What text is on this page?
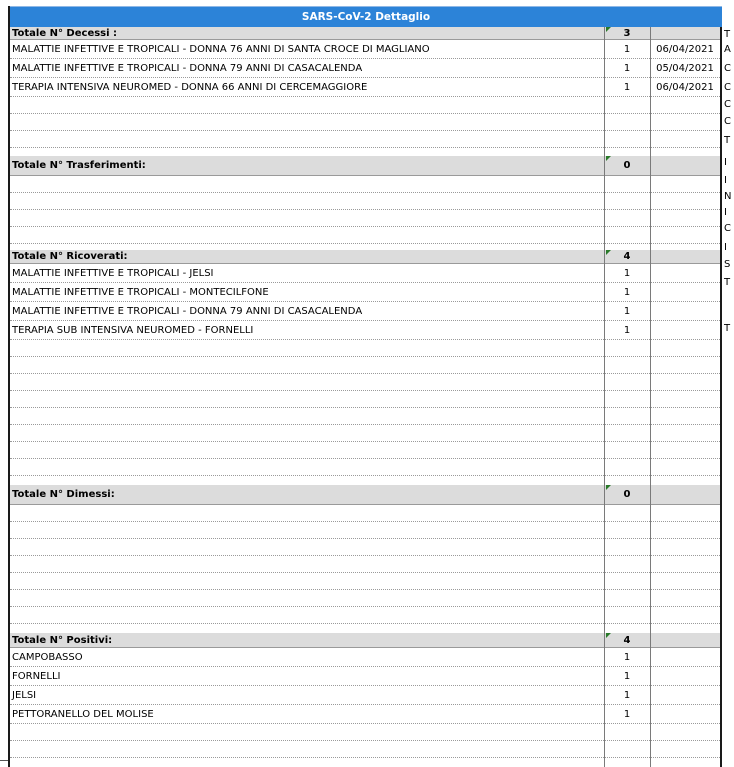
SARS-CoV-2 Dettaglio
Totale N° Decessi :	3
MALATTIE INFETTIVE E TROPICALI - DONNA 76 ANNI DI SANTA CROCE DI MAGLIANO	1	06/04/2021
MALATTIE INFETTIVE E TROPICALI - DONNA 79 ANNI DI CASACALENDA	1	05/04/2021
TERAPIA INTENSIVA NEUROMED - DONNA 66 ANNI DI CERCEMAGGIORE	1	06/04/2021
Totale N° Trasferimenti:	0
Totale N° Ricoverati:	4
MALATTIE INFETTIVE E TROPICALI - JELSI	1
MALATTIE INFETTIVE E TROPICALI - MONTECILFONE	1
MALATTIE INFETTIVE E TROPICALI - DONNA 79 ANNI DI CASACALENDA	1
TERAPIA SUB INTENSIVA NEUROMED - FORNELLI	1
Totale N° Dimessi:	0
Totale N° Positivi:	4
CAMPOBASSO	1
FORNELLI	1
JELSI	1
PETTORANELLO DEL MOLISE	1
T
A
C
C
C
C
T
I
I
N
I
C
I
S
T
T
